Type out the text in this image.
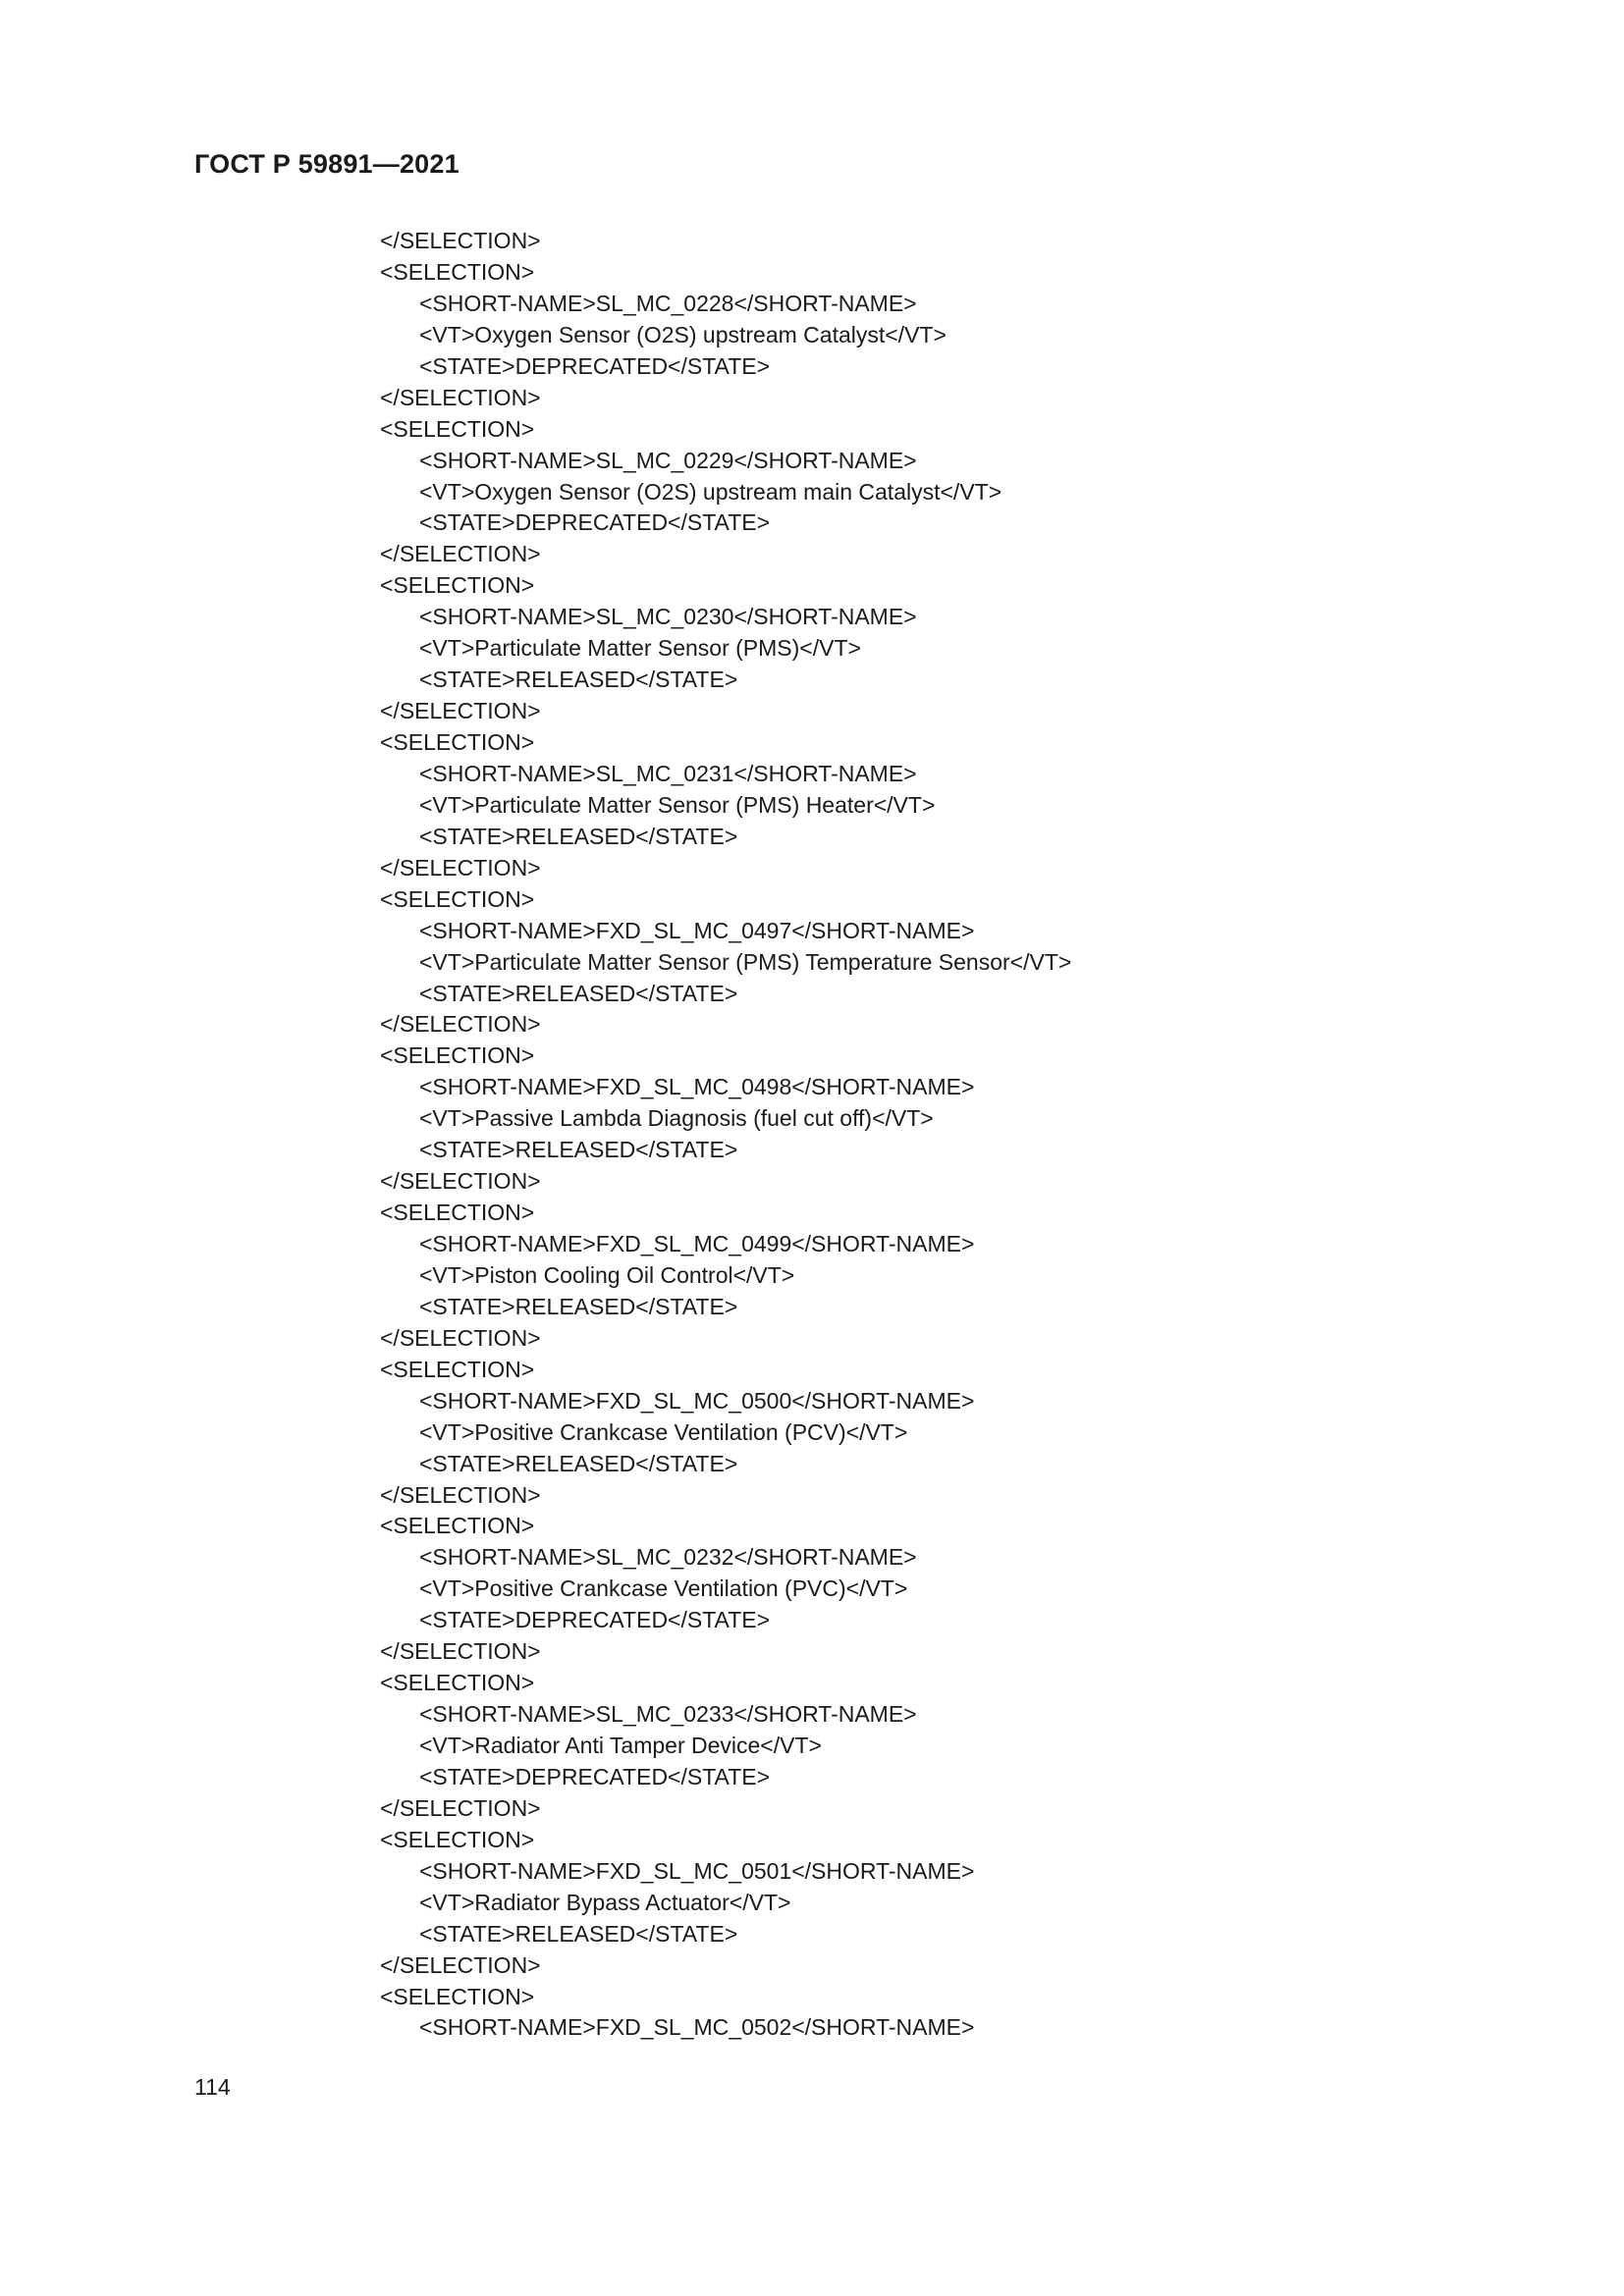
ГОСТ Р 59891—2021
</SELECTION>
<SELECTION>
<SHORT-NAME>SL_MC_0228</SHORT-NAME>
<VT>Oxygen Sensor (O2S) upstream Catalyst</VT>
<STATE>DEPRECATED</STATE>
</SELECTION>
<SELECTION>
<SHORT-NAME>SL_MC_0229</SHORT-NAME>
<VT>Oxygen Sensor (O2S) upstream main Catalyst</VT>
<STATE>DEPRECATED</STATE>
</SELECTION>
<SELECTION>
<SHORT-NAME>SL_MC_0230</SHORT-NAME>
<VT>Particulate Matter Sensor (PMS)</VT>
<STATE>RELEASED</STATE>
</SELECTION>
<SELECTION>
<SHORT-NAME>SL_MC_0231</SHORT-NAME>
<VT>Particulate Matter Sensor (PMS) Heater</VT>
<STATE>RELEASED</STATE>
</SELECTION>
<SELECTION>
<SHORT-NAME>FXD_SL_MC_0497</SHORT-NAME>
<VT>Particulate Matter Sensor (PMS) Temperature Sensor</VT>
<STATE>RELEASED</STATE>
</SELECTION>
<SELECTION>
<SHORT-NAME>FXD_SL_MC_0498</SHORT-NAME>
<VT>Passive Lambda Diagnosis (fuel cut off)</VT>
<STATE>RELEASED</STATE>
</SELECTION>
<SELECTION>
<SHORT-NAME>FXD_SL_MC_0499</SHORT-NAME>
<VT>Piston Cooling Oil Control</VT>
<STATE>RELEASED</STATE>
</SELECTION>
<SELECTION>
<SHORT-NAME>FXD_SL_MC_0500</SHORT-NAME>
<VT>Positive Crankcase Ventilation (PCV)</VT>
<STATE>RELEASED</STATE>
</SELECTION>
<SELECTION>
<SHORT-NAME>SL_MC_0232</SHORT-NAME>
<VT>Positive Crankcase Ventilation (PVC)</VT>
<STATE>DEPRECATED</STATE>
</SELECTION>
<SELECTION>
<SHORT-NAME>SL_MC_0233</SHORT-NAME>
<VT>Radiator Anti Tamper Device</VT>
<STATE>DEPRECATED</STATE>
</SELECTION>
<SELECTION>
<SHORT-NAME>FXD_SL_MC_0501</SHORT-NAME>
<VT>Radiator Bypass Actuator</VT>
<STATE>RELEASED</STATE>
</SELECTION>
<SELECTION>
<SHORT-NAME>FXD_SL_MC_0502</SHORT-NAME>
114
